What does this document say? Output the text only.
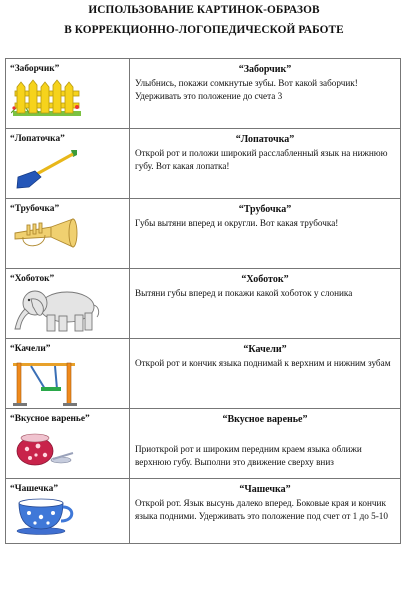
ИСПОЛЬЗОВАНИЕ КАРТИНОК-ОБРАЗОВ
В КОРРЕКЦИОННО-ЛОГОПЕДИЧЕСКОЙ РАБОТЕ
“Заборчик”	“Заборчик”
Улыбнись, покажи сомкнутые зубы. Вот какой заборчик! Удерживать это положение до счета 3

“Лопаточка”	“Лопаточка”
Открой рот и положи широкий расслабленный язык на нижнюю губу. Вот какая лопатка!

“Трубочка”	“Трубочка”
Губы вытяни вперед и округли. Вот какая трубочка!

“Хоботок”	“Хоботок”
Вытяни губы вперед и покажи какой хоботок у слоника

“Качели”	“Качели”
Открой рот и кончик языка поднимай к верхним и нижним зубам

“Вкусное варенье”	“Вкусное варенье”
Приоткрой рот и широким передним краем языка оближи верхнюю губу. Выполни это движение сверху вниз

“Чашечка”	“Чашечка”
Открой рот. Язык высунь далеко вперед. Боковые края и кончик языка подними. Удерживать это положение под счет от 1 до 5-10
